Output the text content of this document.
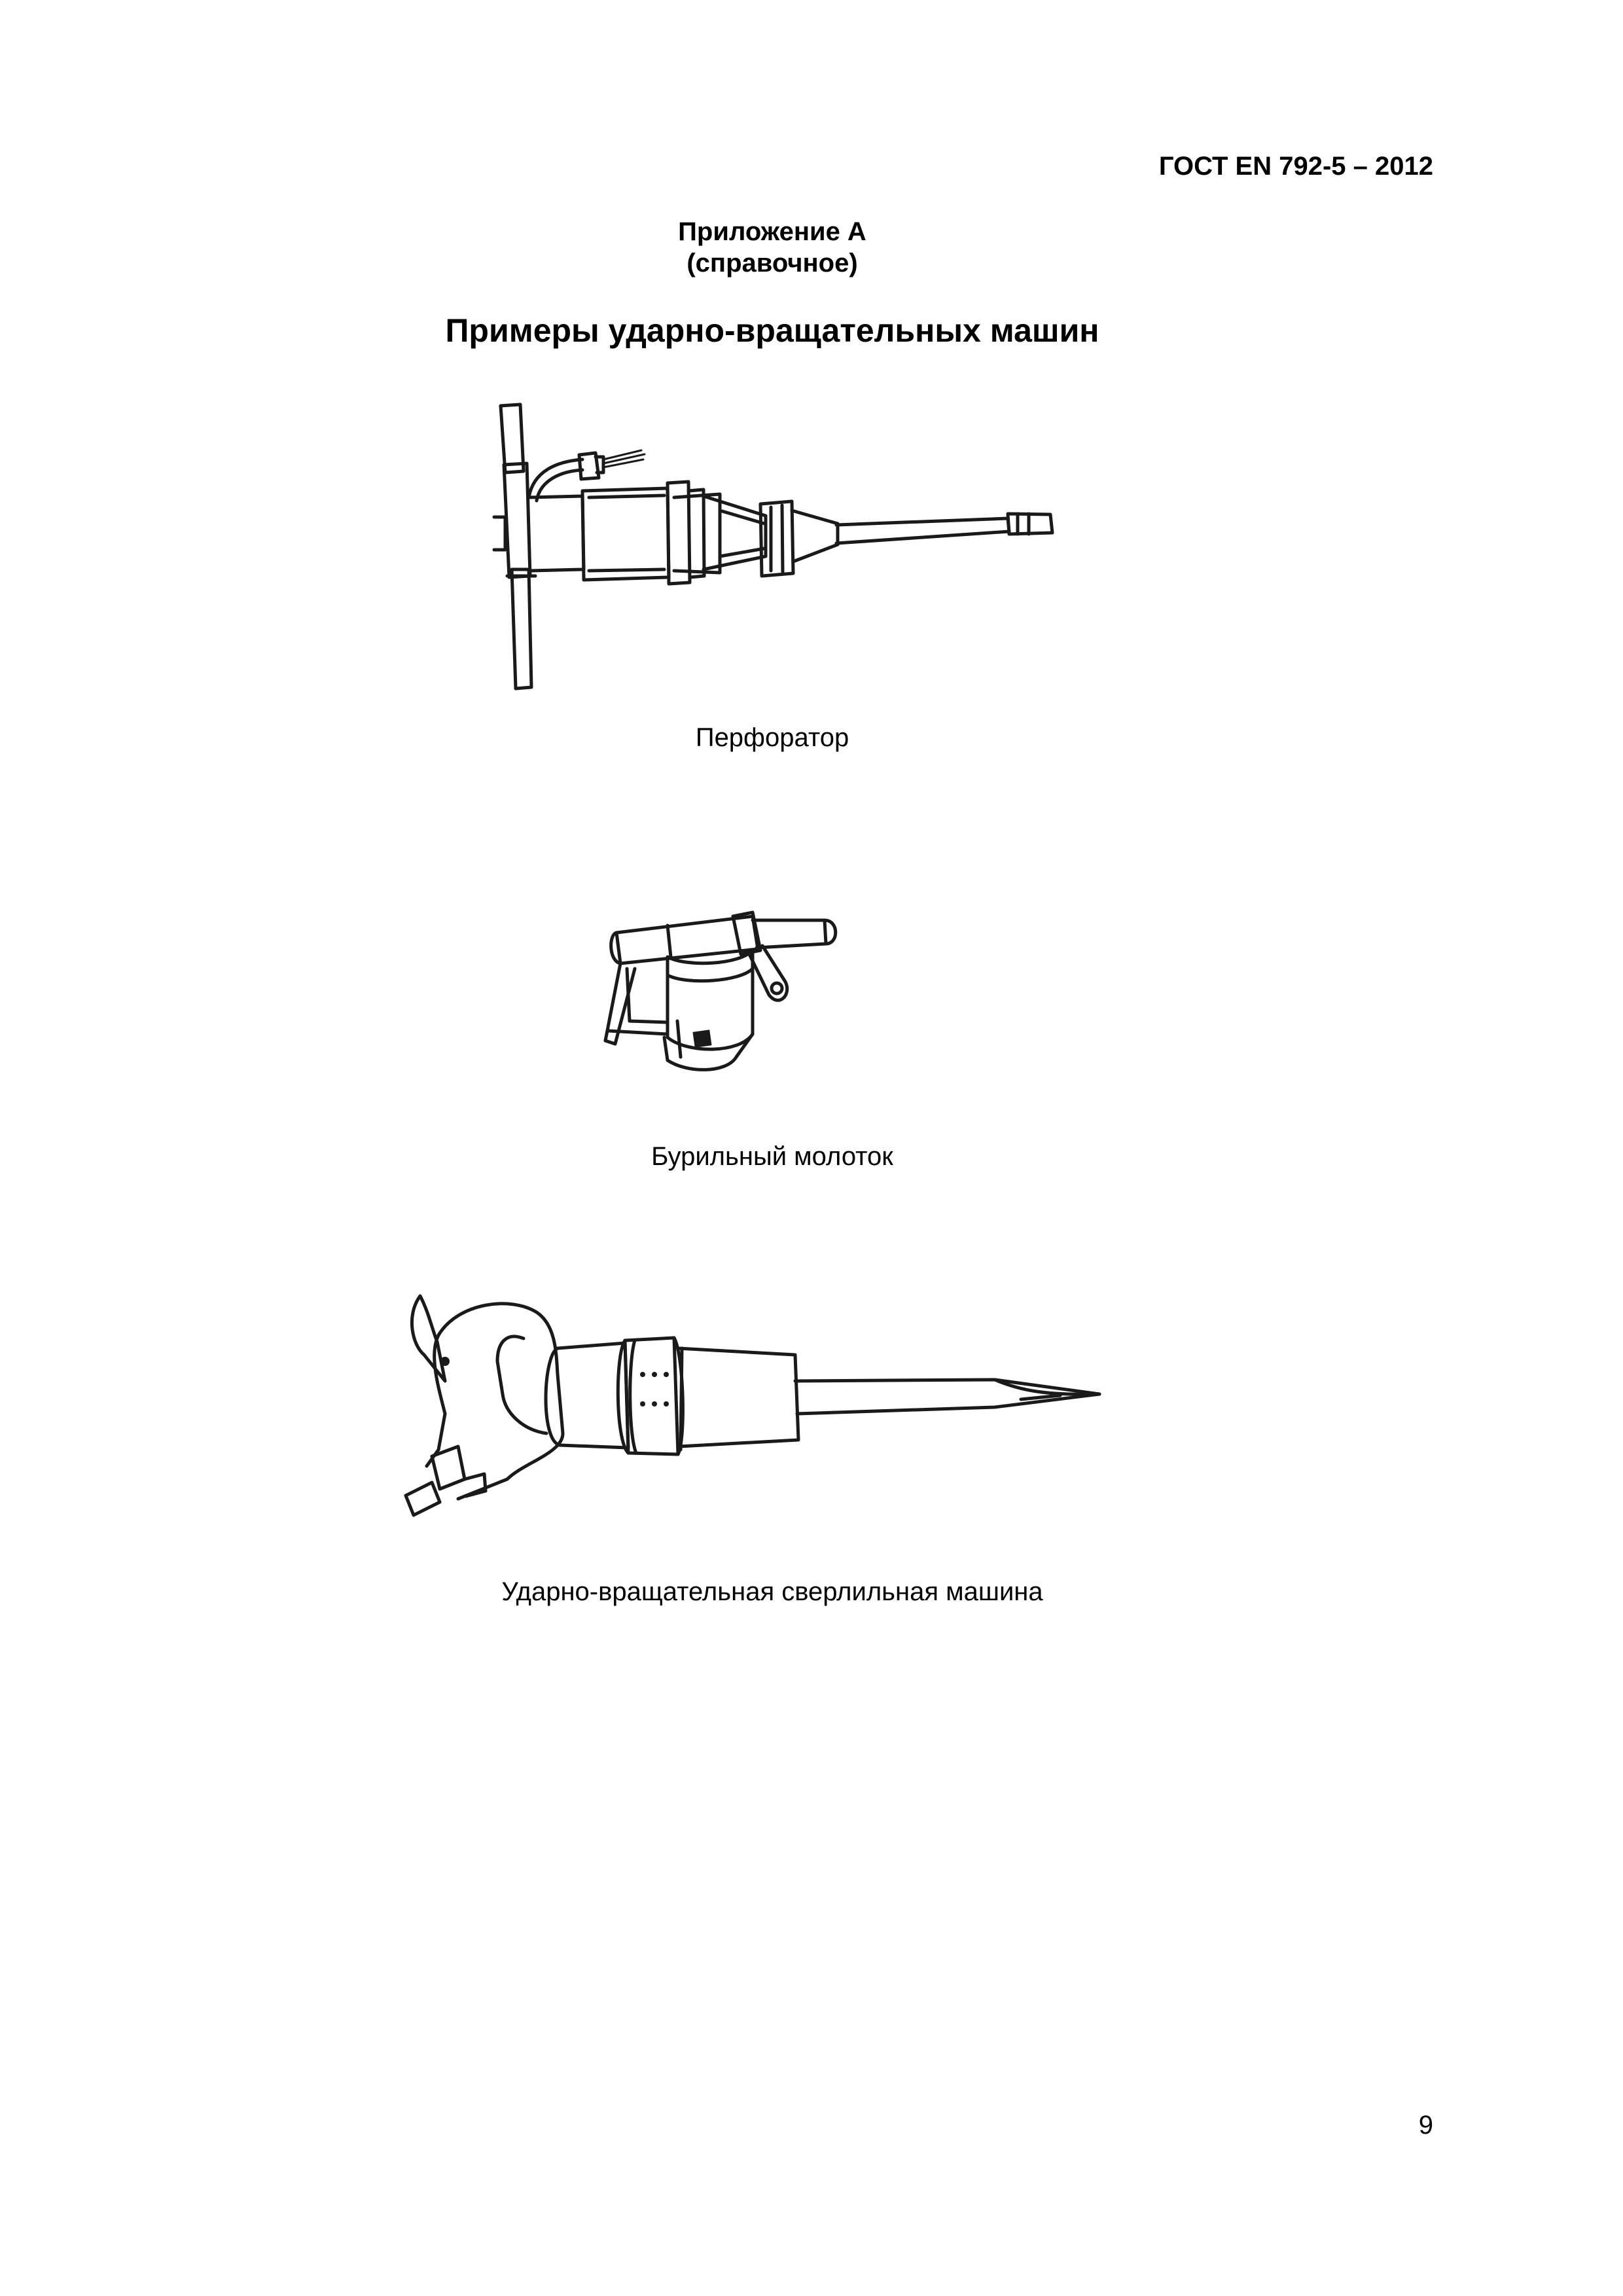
ГОСТ EN 792-5 – 2012
Приложение А
(справочное)
Примеры ударно-вращательных машин
Перфоратор
Бурильный молоток
Ударно-вращательная сверлильная машина
9
